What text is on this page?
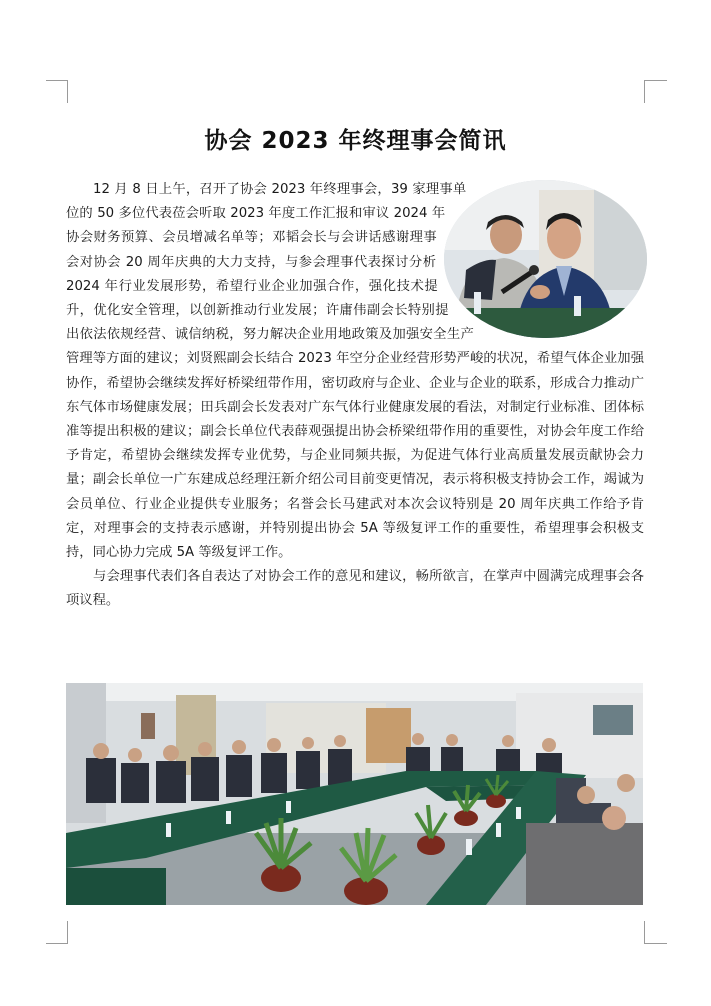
协会 2023 年终理事会简讯

12 月 8 日上午，召开了协会 2023 年终理事会，39 家理事单位的 50 多位代表莅会听取 2023 年度工作汇报和审议 2024 年协会财务预算、会员增减名单等；邓韬会长与会讲话感谢理事会对协会 20 周年庆典的大力支持，与参会理事代表探讨分析 2024 年行业发展形势，希望行业企业加强合作，强化技术提升，优化安全管理，以创新推动行业发展；许庸伟副会长特别提出依法依规经营、诚信纳税，努力解决企业用地政策及加强安全生产管理等方面的建议；刘贤熙副会长结合 2023 年空分企业经营形势严峻的状况，希望气体企业加强协作，希望协会继续发挥好桥梁纽带作用，密切政府与企业、企业与企业的联系，形成合力推动广东气体市场健康发展；田兵副会长发表对广东气体行业健康发展的看法，对制定行业标准、团体标准等提出积极的建议；副会长单位代表薛观强提出协会桥梁纽带作用的重要性，对协会年度工作给予肯定，希望协会继续发挥专业优势，与企业同频共振，为促进气体行业高质量发展贡献协会力量；副会长单位一广东建成总经理汪新介绍公司目前变更情况，表示将积极支持协会工作，竭诚为会员单位、行业企业提供专业服务；名誉会长马建武对本次会议特别是 20 周年庆典工作给予肯定，对理事会的支持表示感谢，并特别提出协会 5A 等级复评工作的重要性，希望理事会积极支持，同心协力完成 5A 等级复评工作。

与会理事代表们各自表达了对协会工作的意见和建议，畅所欲言，在掌声中圆满完成理事会各项议程。
